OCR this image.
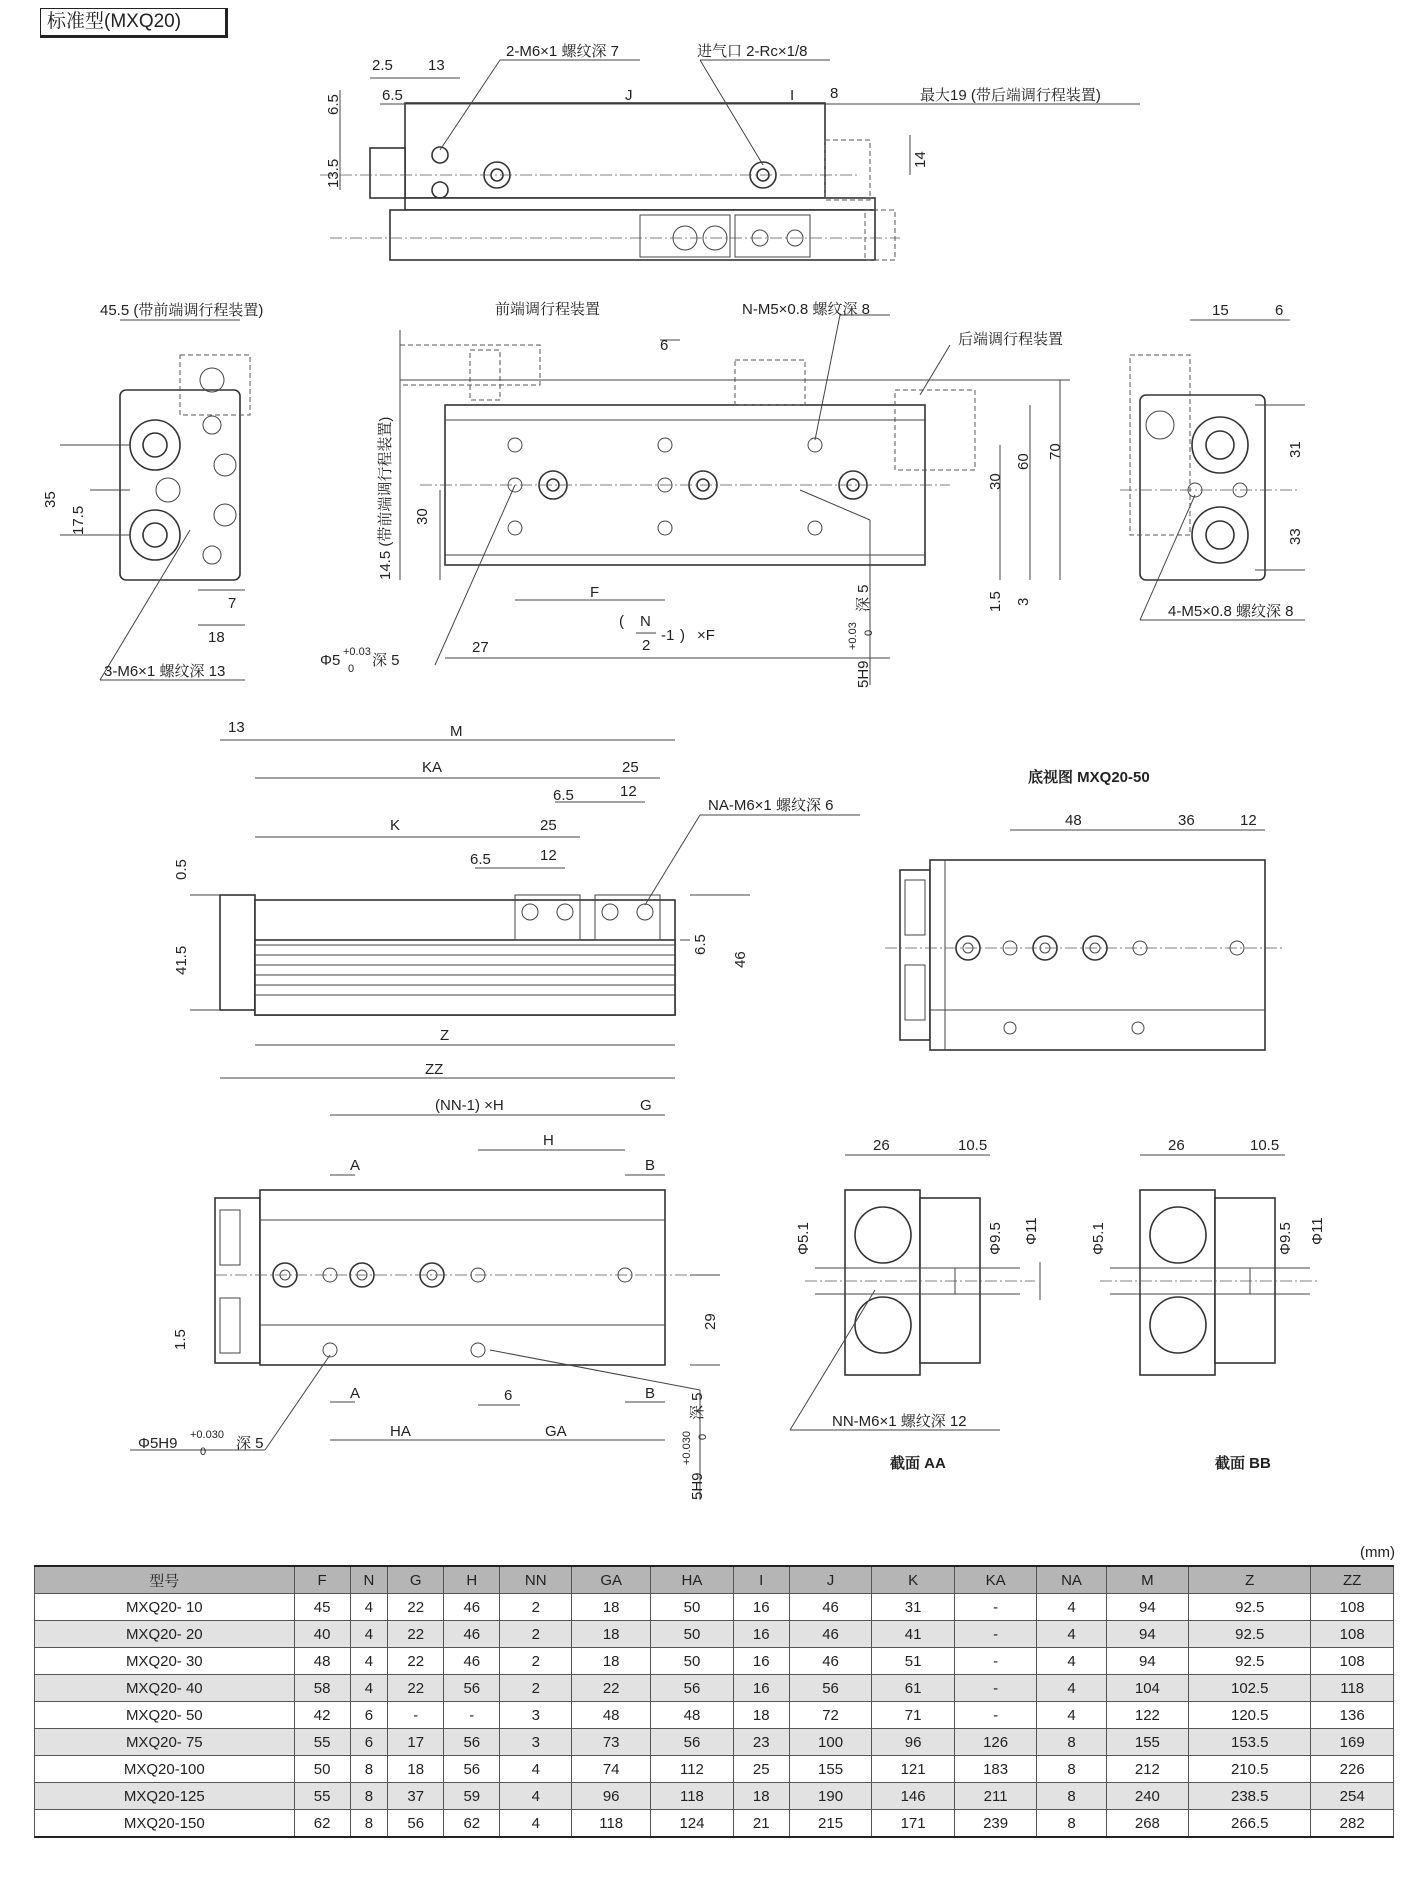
标准型(MXQ20)
2.5 13
6.5
6.5
13.5
J	I 8
14
2-M6×1 螺纹深 7	进气口 2-Rc×1/8
最大19 (带后端调行程装置)
45.5 (带前端调行程装置)
35
17.5
7
18
3-M6×1 螺纹深 13
前端调行程装置	N-M5×0.8 螺纹深 8
后端调行程装置
6
30
30
60
70
1.5 3
14.5 (带前端调行程装置)
F
27
( N
2
-1 ) ×F
Φ5 +0.03
0 深 5	5H9
+0.03 0
深 5
15	6
31
33
4-M5×0.8 螺纹深 8
13	M
KA	25
6.5	12
K	25
6.5	12
0.5
41.5
6.5
46
Z
ZZ
NA-M6×1 螺纹深 6
底视图 MXQ20-50
48	36	12
(NN-1) ×H	G
H
A	B
29
1.5
A	6	B
HA	GA
Φ5H9 +0.030
0 深 5
5H9
+0.030 0
深 5
26	10.5
Φ5.1	Φ9.5 Φ11
NN-M6×1 螺纹深 12
截面 AA
26	10.5
Φ5.1	Φ9.5 Φ11
截面 BB
(mm)
型号	F	N	G	H	NN	GA	HA	I	J	K	KA	NA	M	Z	ZZ
MXQ20- 10	45	4	22	46	2	18	50	16	46	31	-	4	94	92.5	108
MXQ20- 20	40	4	22	46	2	18	50	16	46	41	-	4	94	92.5	108
MXQ20- 30	48	4	22	46	2	18	50	16	46	51	-	4	94	92.5	108
MXQ20- 40	58	4	22	56	2	22	56	16	56	61	-	4	104	102.5	118
MXQ20- 50	42	6	-	-	3	48	48	18	72	71	-	4	122	120.5	136
MXQ20- 75	55	6	17	56	3	73	56	23	100	96	126	8	155	153.5	169
MXQ20-100	50	8	18	56	4	74	112	25	155	121	183	8	212	210.5	226
MXQ20-125	55	8	37	59	4	96	118	18	190	146	211	8	240	238.5	254
MXQ20-150	62	8	56	62	4	118	124	21	215	171	239	8	268	266.5	282
